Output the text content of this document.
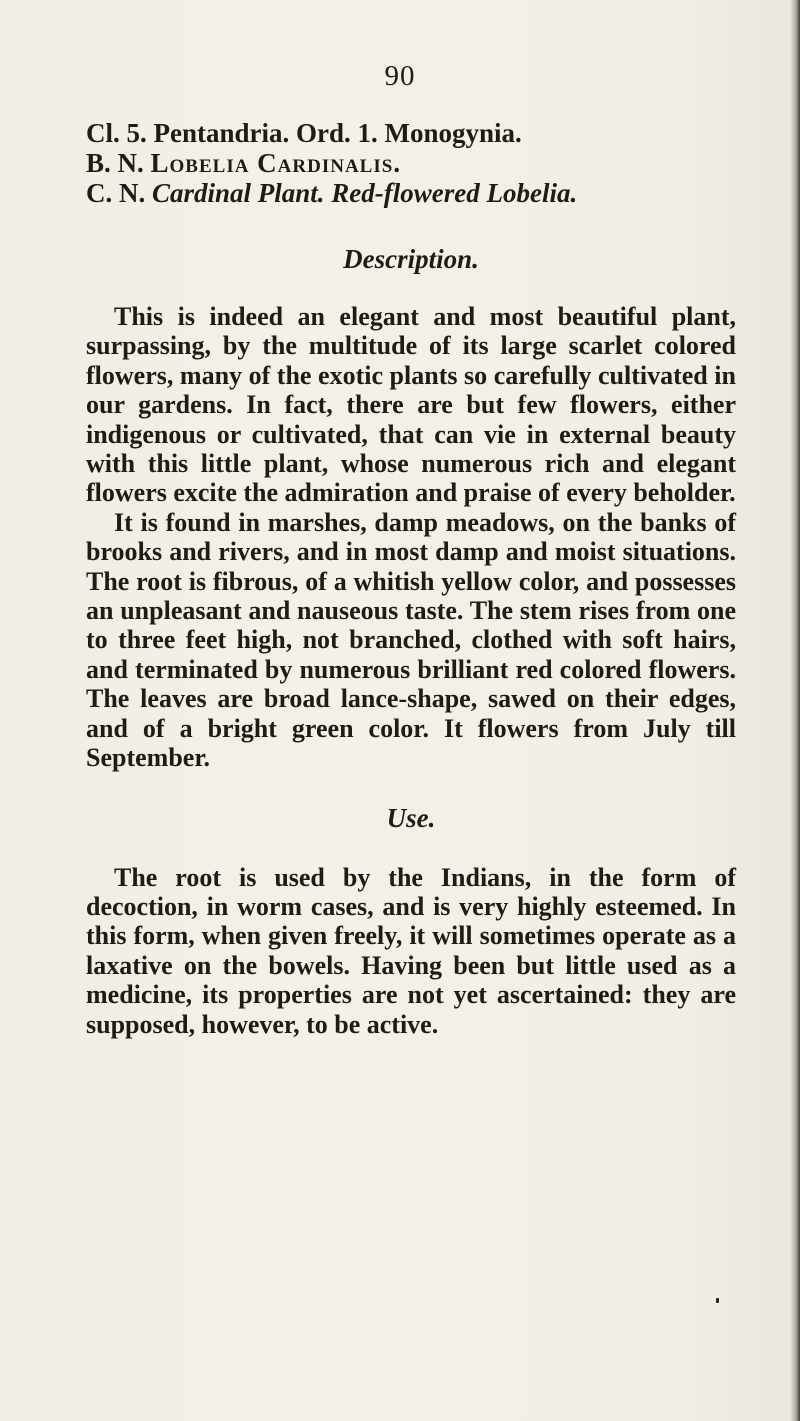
90
Cl. 5. Pentandria. Ord. 1. Monogynia.
B. N. Lobelia Cardinalis.
C. N. Cardinal Plant. Red-flowered Lobelia.

Description.

This is indeed an elegant and most beautiful plant, surpassing, by the multitude of its large scarlet colored flowers, many of the exotic plants so carefully cultivated in our gardens. In fact, there are but few flowers, either indigenous or cultivated, that can vie in external beauty with this little plant, whose numerous rich and elegant flowers excite the admiration and praise of every beholder.

It is found in marshes, damp meadows, on the banks of brooks and rivers, and in most damp and moist situations. The root is fibrous, of a whitish yellow color, and possesses an unpleasant and nauseous taste. The stem rises from one to three feet high, not branched, clothed with soft hairs, and terminated by numerous brilliant red colored flowers. The leaves are broad lance-shape, sawed on their edges, and of a bright green color. It flowers from July till September.

Use.

The root is used by the Indians, in the form of decoction, in worm cases, and is very highly esteemed. In this form, when given freely, it will sometimes operate as a laxative on the bowels. Having been but little used as a medicine, its properties are not yet ascertained: they are supposed, however, to be active.
